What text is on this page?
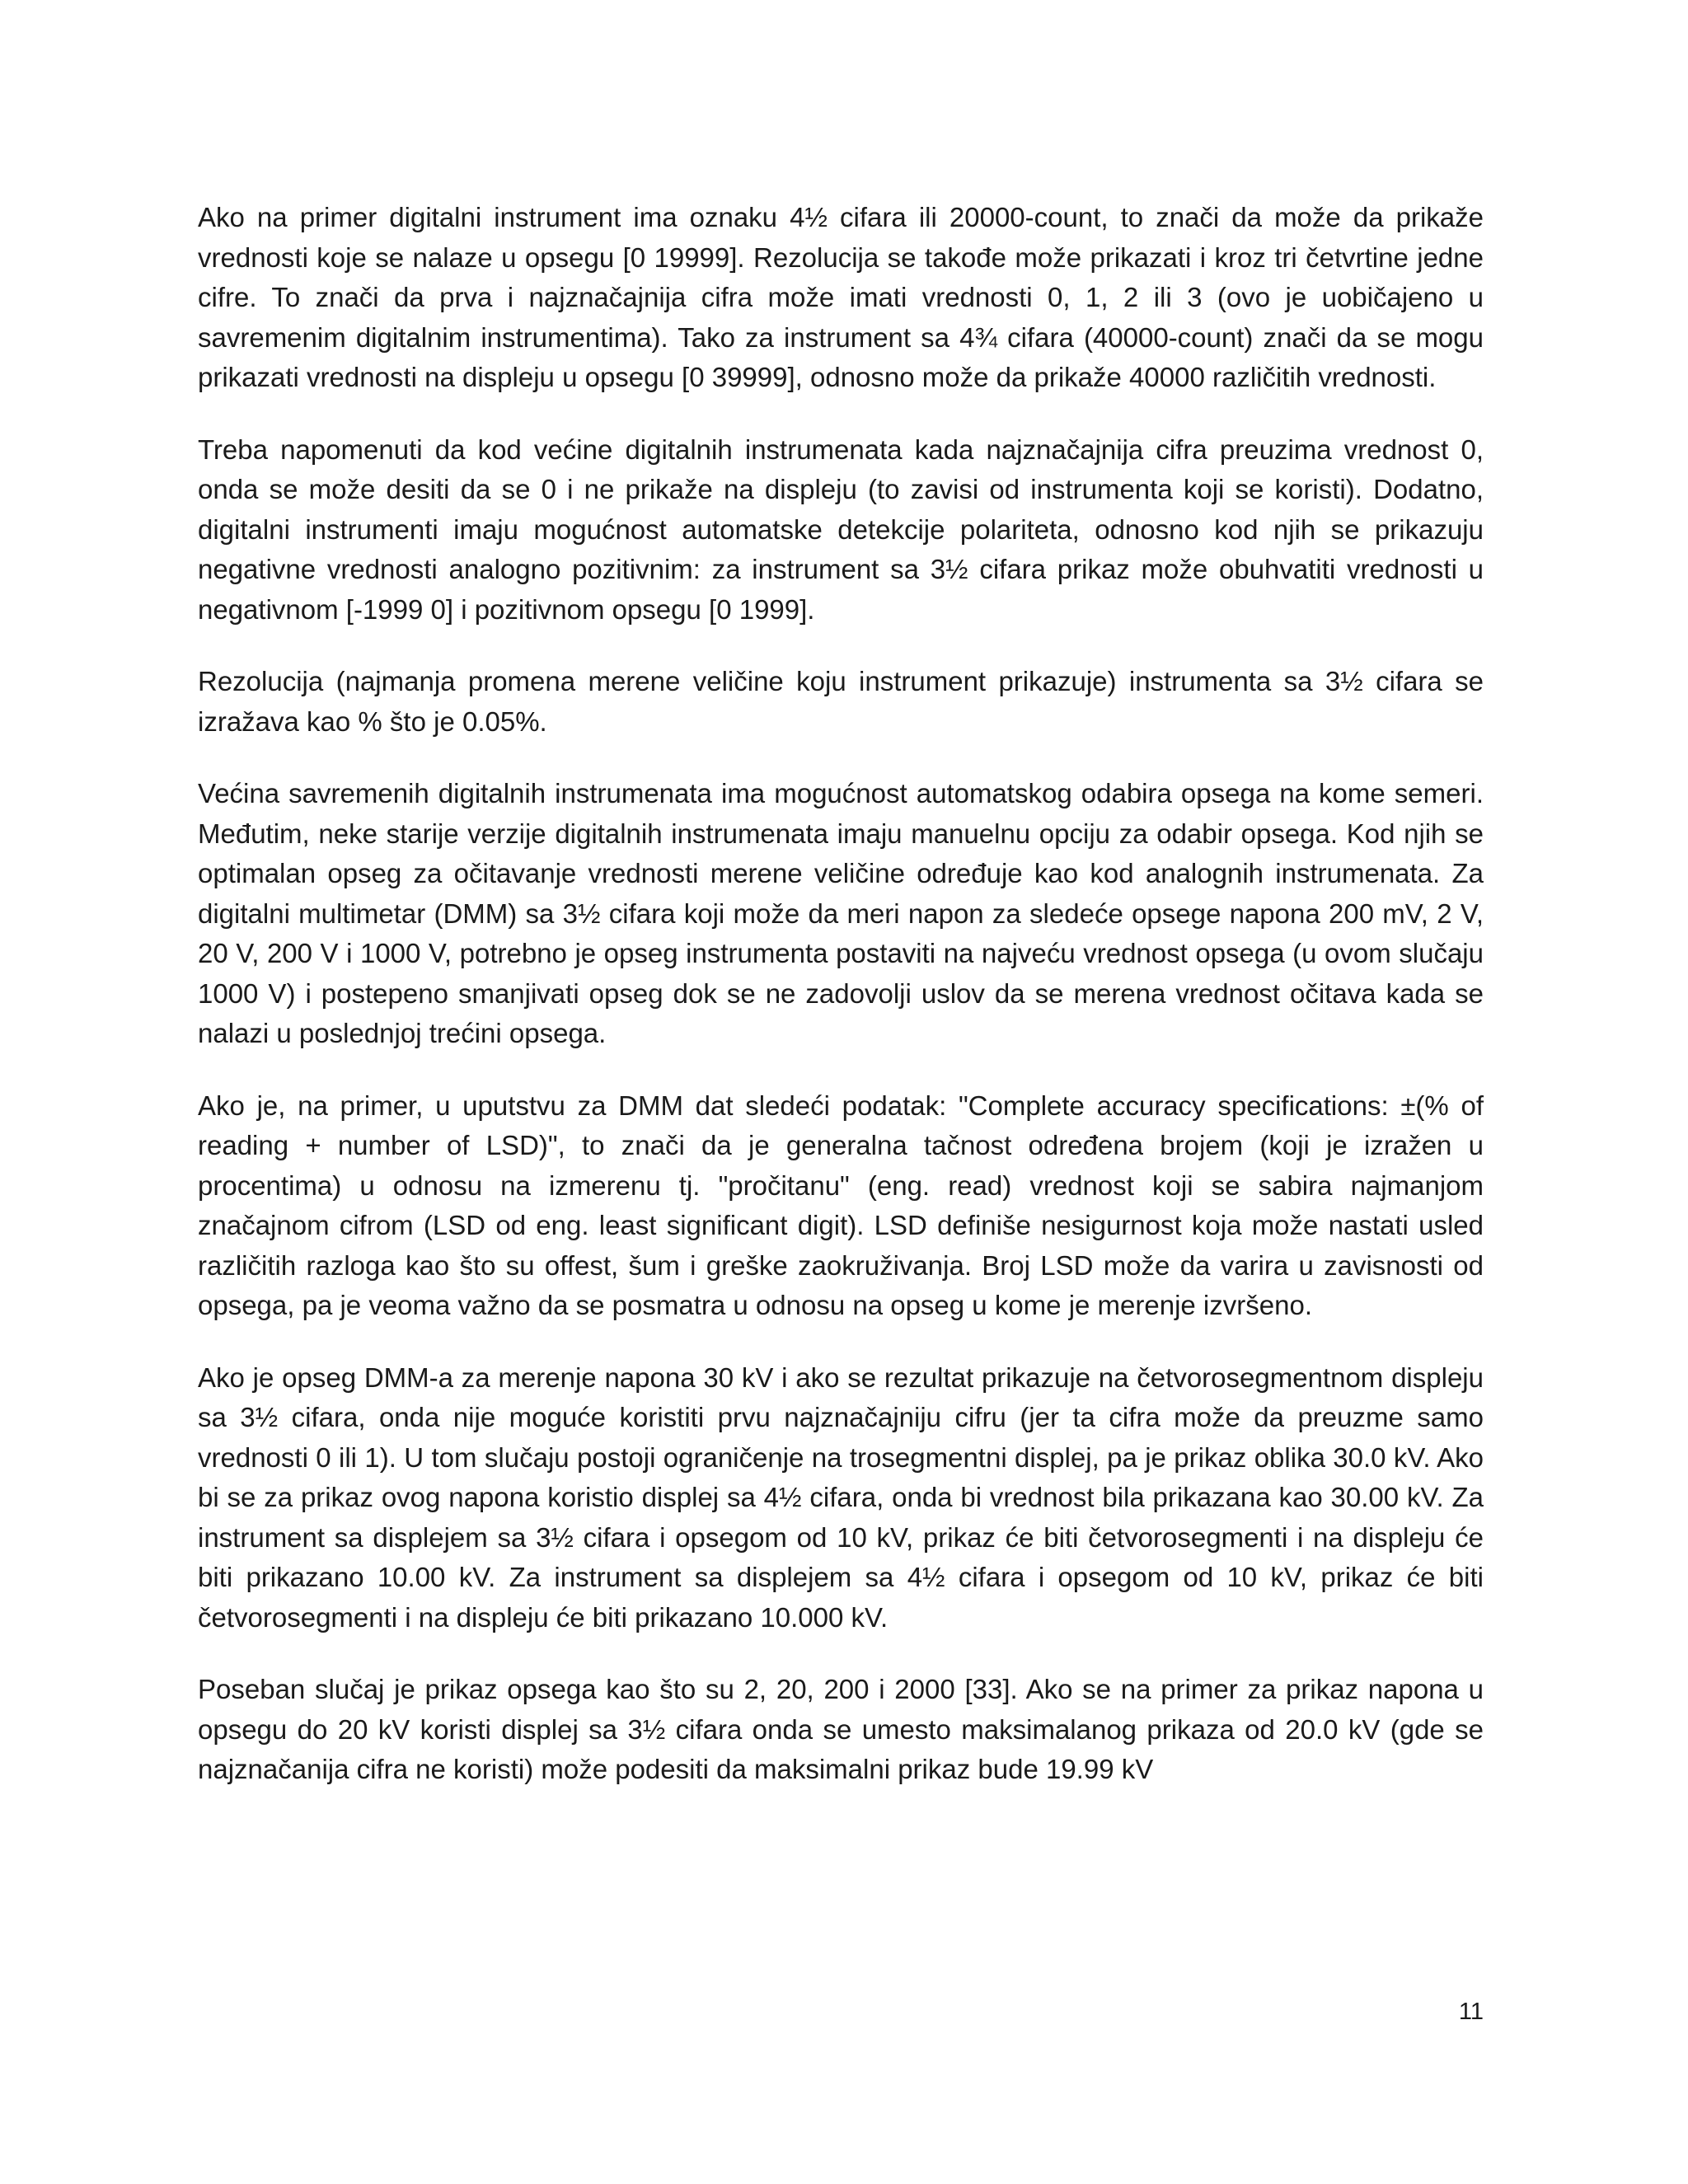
Ako na primer digitalni instrument ima oznaku 4½ cifara ili 20000-count, to znači da može da prikaže vrednosti koje se nalaze u opsegu [0 19999]. Rezolucija se takođe može prikazati i kroz tri četvrtine jedne cifre. To znači da prva i najznačajnija cifra može imati vrednosti 0, 1, 2 ili 3 (ovo je uobičajeno u savremenim digitalnim instrumentima). Tako za instrument sa 4¾ cifara (40000-count) znači da se mogu prikazati vrednosti na displeju u opsegu [0 39999], odnosno može da prikaže 40000 različitih vrednosti.

Treba napomenuti da kod većine digitalnih instrumenata kada najznačajnija cifra preuzima vrednost 0, onda se može desiti da se 0 i ne prikaže na displeju (to zavisi od instrumenta koji se koristi). Dodatno, digitalni instrumenti imaju mogućnost automatske detekcije polariteta, odnosno kod njih se prikazuju negativne vrednosti analogno pozitivnim: za instrument sa 3½ cifara prikaz može obuhvatiti vrednosti u negativnom [-1999 0] i pozitivnom opsegu [0 1999].

Rezolucija (najmanja promena merene veličine koju instrument prikazuje) instrumenta sa 3½ cifara se izražava kao % što je 0.05%.

Većina savremenih digitalnih instrumenata ima mogućnost automatskog odabira opsega na kome semeri. Međutim, neke starije verzije digitalnih instrumenata imaju manuelnu opciju za odabir opsega. Kod njih se optimalan opseg za očitavanje vrednosti merene veličine određuje kao kod analognih instrumenata. Za digitalni multimetar (DMM) sa 3½ cifara koji može da meri napon za sledeće opsege napona 200 mV, 2 V, 20 V, 200 V i 1000 V, potrebno je opseg instrumenta postaviti na najveću vrednost opsega (u ovom slučaju 1000 V) i postepeno smanjivati opseg dok se ne zadovolji uslov da se merena vrednost očitava kada se nalazi u poslednjoj trećini opsega.

Ako je, na primer, u uputstvu za DMM dat sledeći podatak: "Complete accuracy specifications: ±(% of reading + number of LSD)", to znači da je generalna tačnost određena brojem (koji je izražen u procentima) u odnosu na izmerenu tj. "pročitanu" (eng. read) vrednost koji se sabira najmanjom značajnom cifrom (LSD od eng. least significant digit). LSD definiše nesigurnost koja može nastati usled različitih razloga kao što su offest, šum i greške zaokruživanja. Broj LSD može da varira u zavisnosti od opsega, pa je veoma važno da se posmatra u odnosu na opseg u kome je merenje izvršeno.

Ako je opseg DMM-a za merenje napona 30 kV i ako se rezultat prikazuje na četvorosegmentnom displeju sa 3½ cifara, onda nije moguće koristiti prvu najznačajniju cifru (jer ta cifra može da preuzme samo vrednosti 0 ili 1). U tom slučaju postoji ograničenje na trosegmentni displej, pa je prikaz oblika 30.0 kV. Ako bi se za prikaz ovog napona koristio displej sa 4½ cifara, onda bi vrednost bila prikazana kao 30.00 kV. Za instrument sa displejem sa 3½ cifara i opsegom od 10 kV, prikaz će biti četvorosegmenti i na displeju će biti prikazano 10.00 kV. Za instrument sa displejem sa 4½ cifara i opsegom od 10 kV, prikaz će biti četvorosegmenti i na displeju će biti prikazano 10.000 kV.

Poseban slučaj je prikaz opsega kao što su 2, 20, 200 i 2000 [33]. Ako se na primer za prikaz napona u opsegu do 20 kV koristi displej sa 3½ cifara onda se umesto maksimalanog prikaza od 20.0 kV (gde se najznačanija cifra ne koristi) može podesiti da maksimalni prikaz bude 19.99 kV

11
